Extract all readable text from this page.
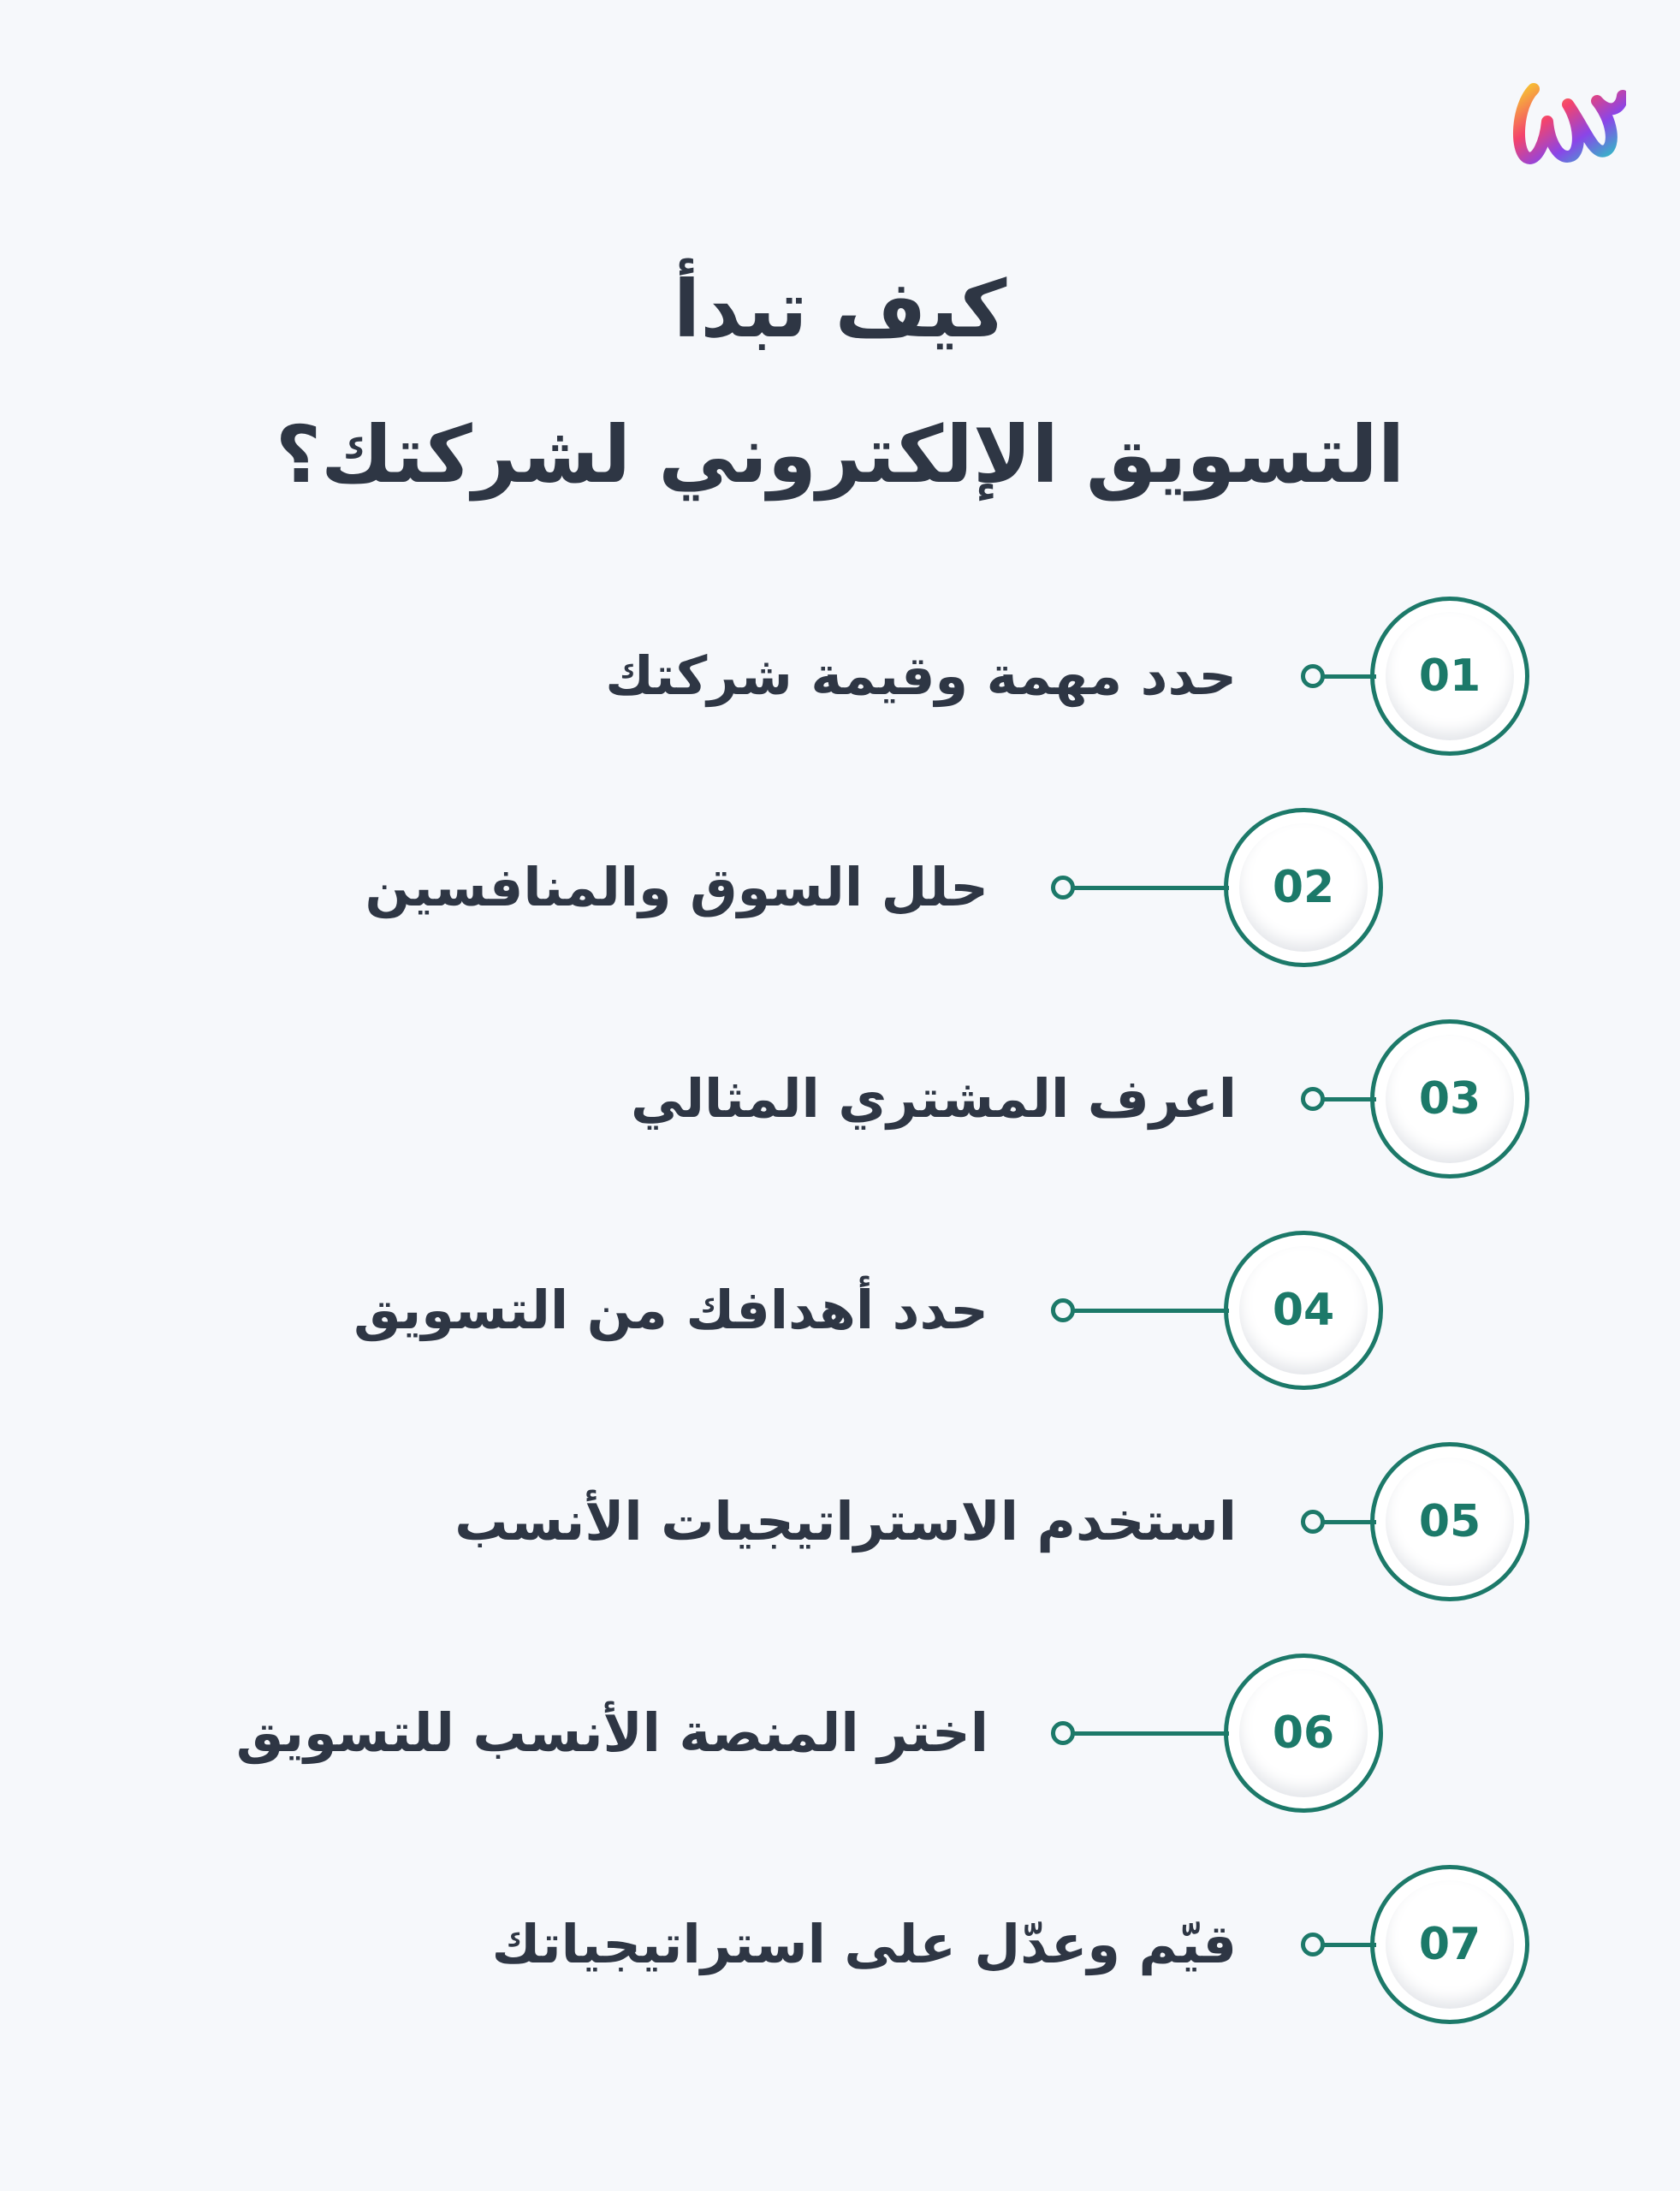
كيف تبدأ
التسويق الإلكتروني لشركتك؟
01
حدد مهمة وقيمة شركتك
02
حلل السوق والمنافسين
03
اعرف المشتري المثالي
04
حدد أهدافك من التسويق
05
استخدم الاستراتيجيات الأنسب
06
اختر المنصة الأنسب للتسويق
07
قيّم وعدّل على استراتيجياتك
